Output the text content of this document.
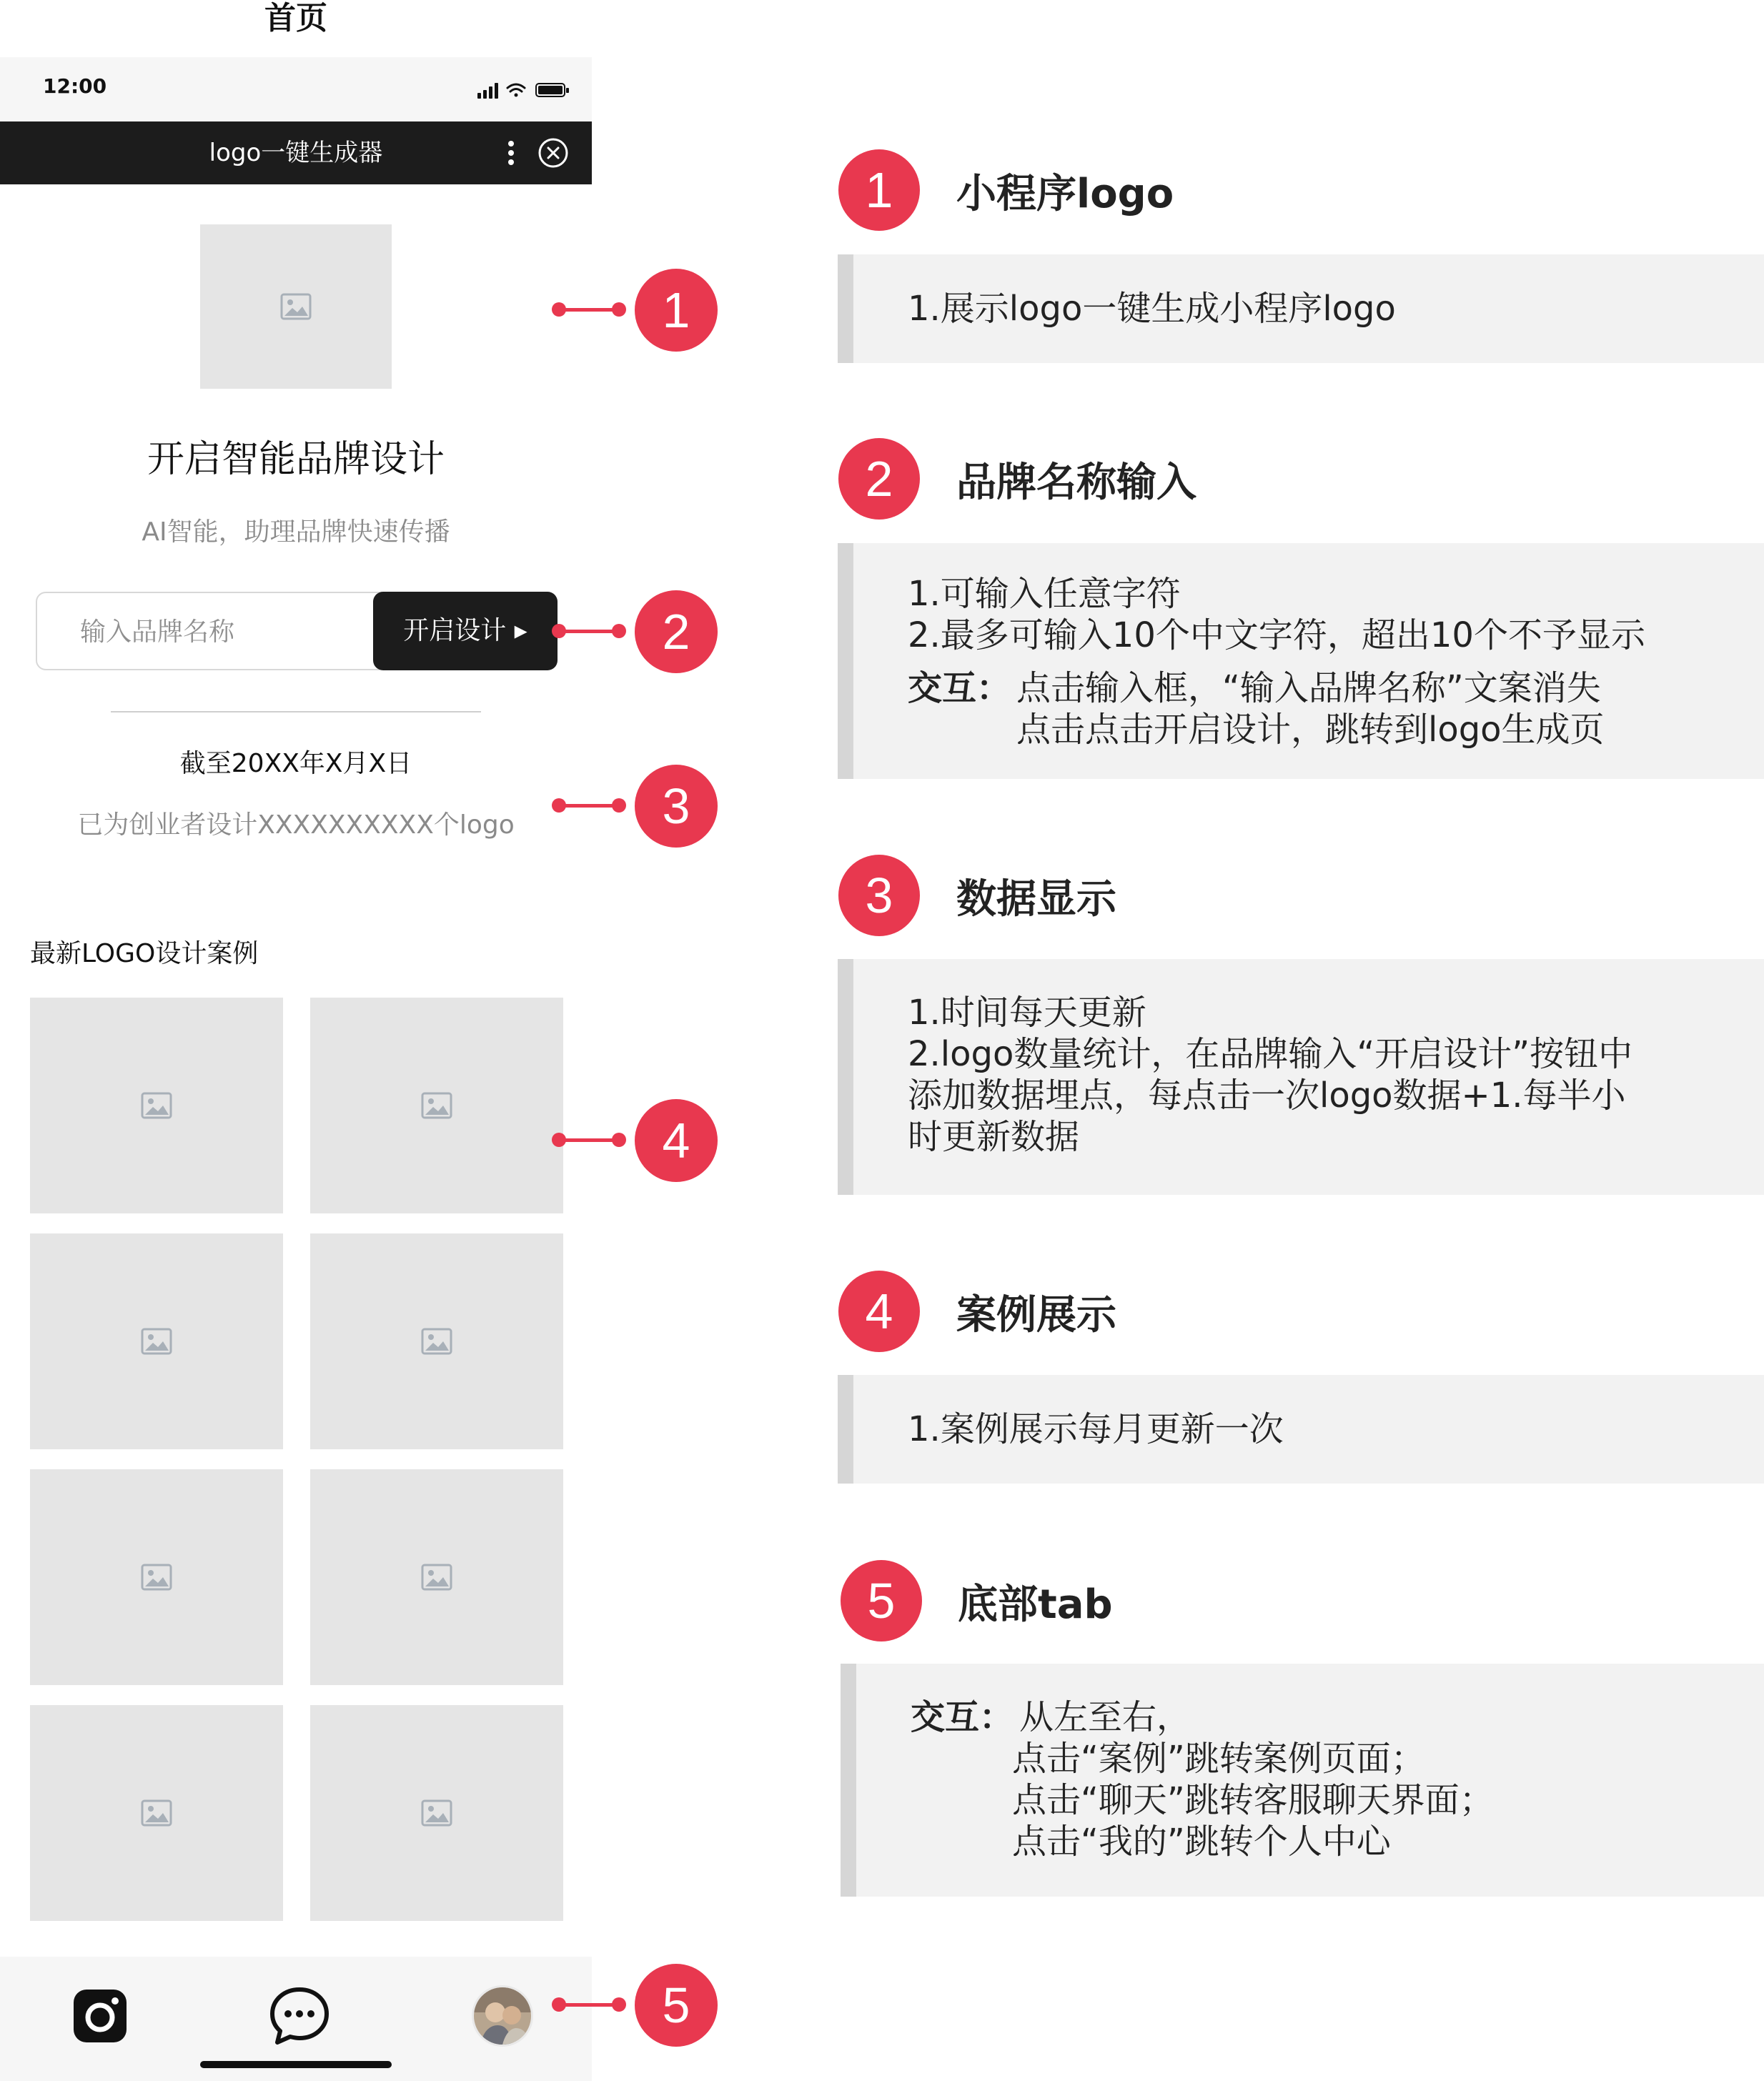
首页
12:00
logo一键生成器
开启智能品牌设计
AI智能，助理品牌快速传播
输入品牌名称
开启设计 ▸
截至20XX年X月X日
已为创业者设计XXXXXXXXXX个logo
最新LOGO设计案例
1
2
3
4
5
1	小程序logo
1.展示logo一键生成小程序logo
2	品牌名称输入
1.可输入任意字符
2.最多可输入10个中文字符，超出10个不予显示
交互： 点击输入框，“输入品牌名称”文案消失
点击点击开启设计，跳转到logo生成页
3	数据显示
1.时间每天更新
2.logo数量统计，在品牌输入“开启设计”按钮中
添加数据埋点，每点击一次logo数据+1.每半小
时更新数据
4	案例展示
1.案例展示每月更新一次
5	底部tab
交互： 从左至右，
点击“案例”跳转案例页面；
点击“聊天”跳转客服聊天界面；
点击“我的”跳转个人中心
